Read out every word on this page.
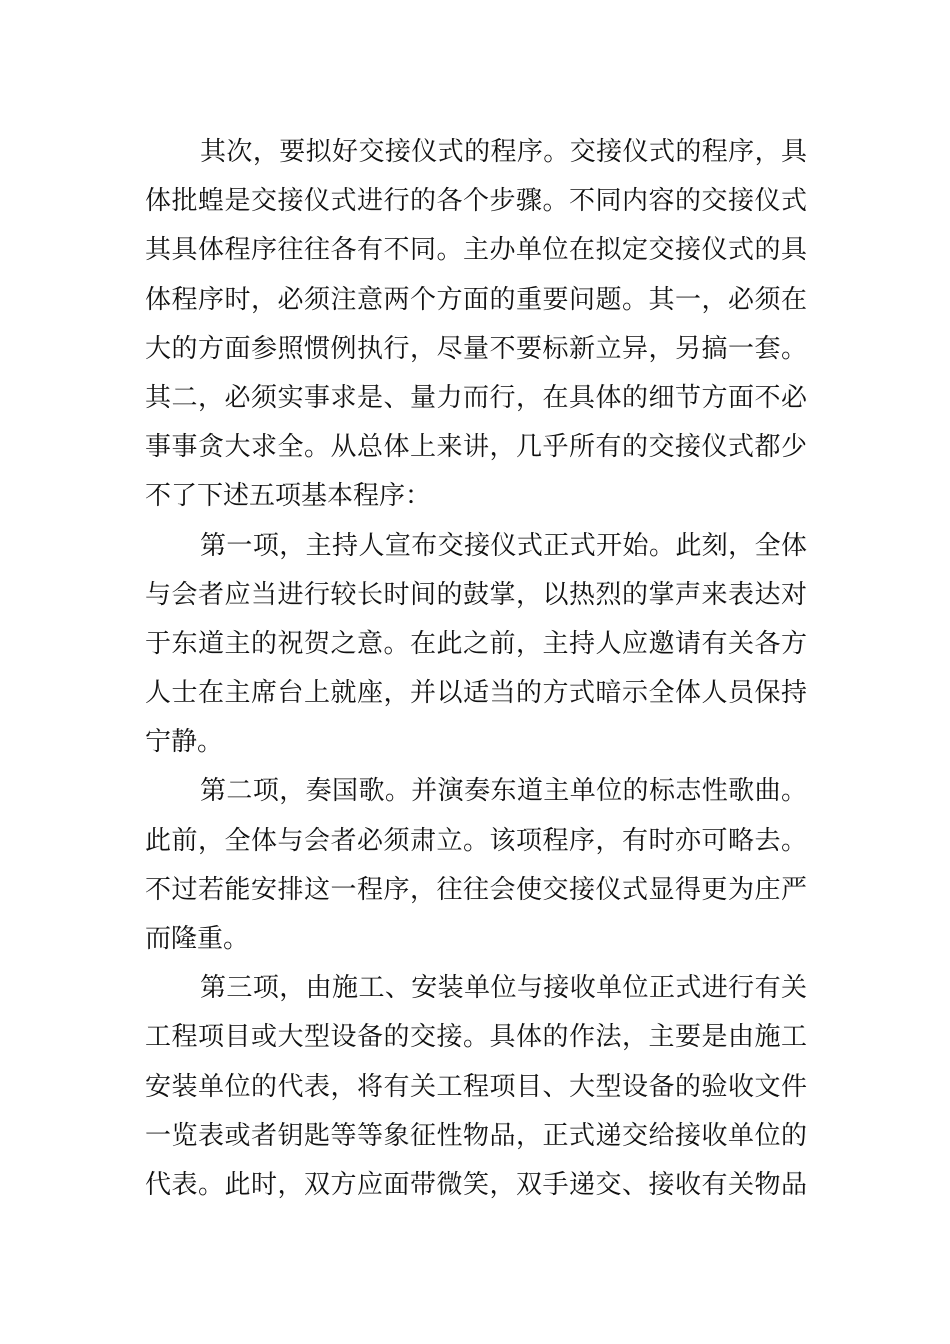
其次，要拟好交接仪式的程序。交接仪式的程序，具
体批蝗是交接仪式进行的各个步骤。不同内容的交接仪式
其具体程序往往各有不同。主办单位在拟定交接仪式的具
体程序时，必须注意两个方面的重要问题。其一，必须在
大的方面参照惯例执行，尽量不要标新立异，另搞一套。
其二，必须实事求是、量力而行，在具体的细节方面不必
事事贪大求全。从总体上来讲，几乎所有的交接仪式都少
不了下述五项基本程序：
第一项，主持人宣布交接仪式正式开始。此刻，全体
与会者应当进行较长时间的鼓掌，以热烈的掌声来表达对
于东道主的祝贺之意。在此之前，主持人应邀请有关各方
人士在主席台上就座，并以适当的方式暗示全体人员保持
宁静。
第二项，奏国歌。并演奏东道主单位的标志性歌曲。
此前，全体与会者必须肃立。该项程序，有时亦可略去。
不过若能安排这一程序，往往会使交接仪式显得更为庄严
而隆重。
第三项，由施工、安装单位与接收单位正式进行有关
工程项目或大型设备的交接。具体的作法，主要是由施工
安装单位的代表，将有关工程项目、大型设备的验收文件
一览表或者钥匙等等象征性物品，正式递交给接收单位的
代表。此时，双方应面带微笑，双手递交、接收有关物品
